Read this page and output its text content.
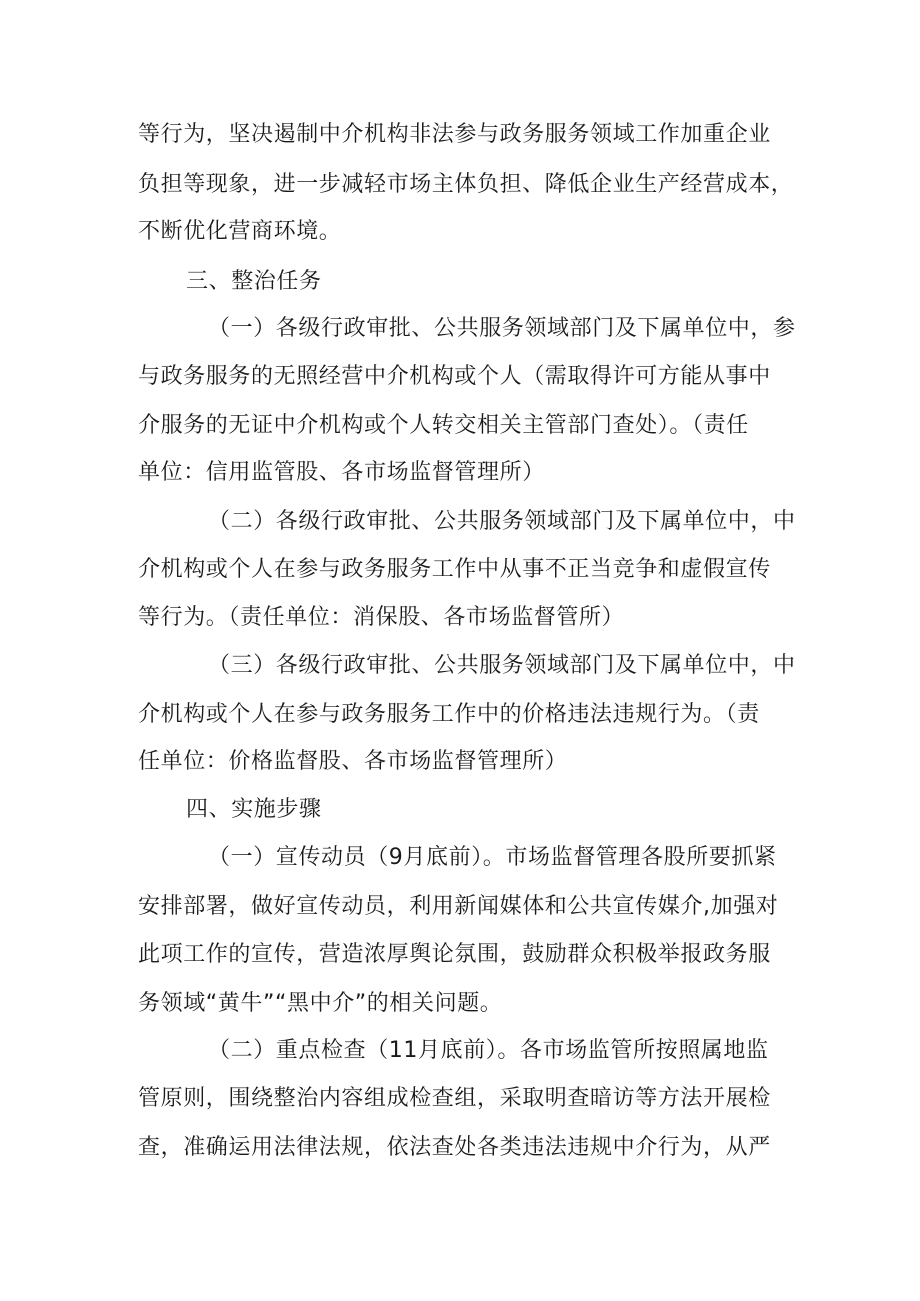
等行为，坚决遏制中介机构非法参与政务服务领域工作加重企业
负担等现象，进一步减轻市场主体负担、降低企业生产经营成本，
不断优化营商环境。
三、整治任务
（一）各级行政审批、公共服务领域部门及下属单位中，参
与政务服务的无照经营中介机构或个人（需取得许可方能从事中
介服务的无证中介机构或个人转交相关主管部门查处）。（责任
单位：信用监管股、各市场监督管理所）
（二）各级行政审批、公共服务领域部门及下属单位中，中
介机构或个人在参与政务服务工作中从事不正当竞争和虚假宣传
等行为。（责任单位：消保股、各市场监督管所）
（三）各级行政审批、公共服务领域部门及下属单位中，中
介机构或个人在参与政务服务工作中的价格违法违规行为。（责
任单位：价格监督股、各市场监督管理所）
四、实施步骤
（一）宣传动员（9月底前）。市场监督管理各股所要抓紧
安排部署，做好宣传动员，利用新闻媒体和公共宣传媒介,加强对
此项工作的宣传，营造浓厚舆论氛围，鼓励群众积极举报政务服
务领域“黄牛”“黑中介”的相关问题。
（二）重点检查（11月底前）。各市场监管所按照属地监
管原则，围绕整治内容组成检查组，采取明查暗访等方法开展检
查，准确运用法律法规，依法查处各类违法违规中介行为，从严
